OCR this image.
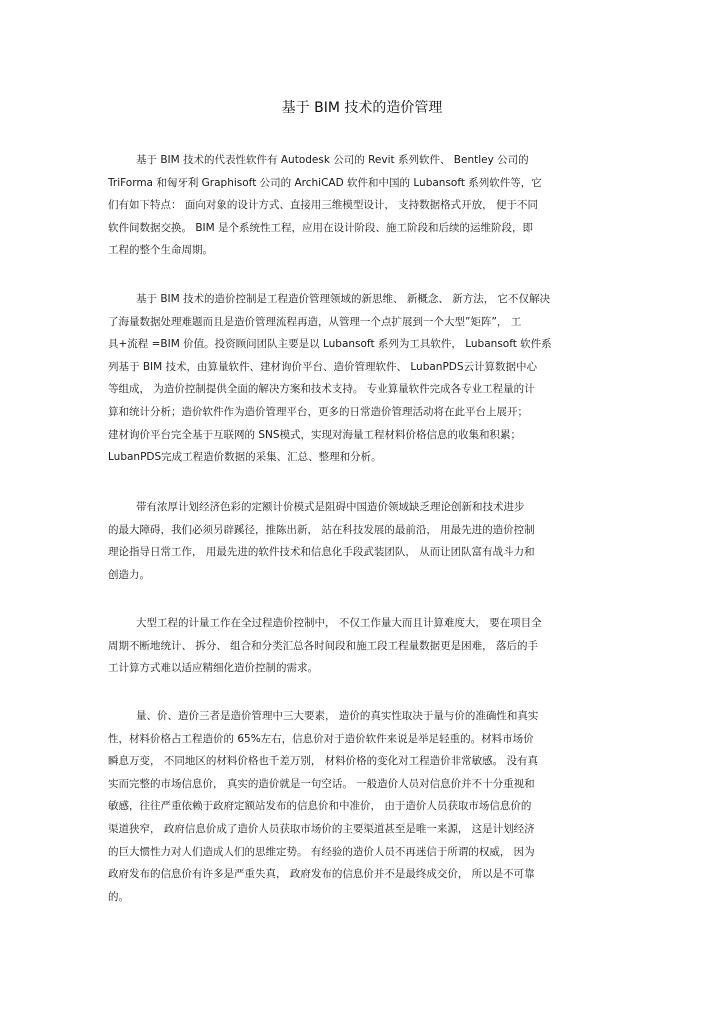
基于 BIM 技术的造价管理
基于 BIM 技术的代表性软件有 Autodesk 公司的 Revit 系列软件、 Bentley 公司的
TriForma 和匈牙利 Graphisoft 公司的 ArchiCAD 软件和中国的 Lubansoft 系列软件等，它
们有如下特点： 面向对象的设计方式、直接用三维模型设计， 支持数据格式开放， 便于不同
软件间数据交换。 BIM 是个系统性工程，应用在设计阶段、施工阶段和后续的运维阶段，即
工程的整个生命周期。
基于 BIM 技术的造价控制是工程造价管理领域的新思维、 新概念、 新方法， 它不仅解决
了海量数据处理难题而且是造价管理流程再造，从管理一个点扩展到一个大型”矩阵”， 工
具+流程 =BIM 价值。投资顾问团队主要是以 Lubansoft 系列为工具软件， Lubansoft 软件系
列基于 BIM 技术，由算量软件、建材询价平台、造价管理软件、 LubanPDS云计算数据中心
等组成， 为造价控制提供全面的解决方案和技术支持。 专业算量软件完成各专业工程量的计
算和统计分析；造价软件作为造价管理平台，更多的日常造价管理活动将在此平台上展开；
建材询价平台完全基于互联网的 SNS模式，实现对海量工程材料价格信息的收集和积累；
LubanPDS完成工程造价数据的采集、汇总、整理和分析。
带有浓厚计划经济色彩的定额计价模式是阻碍中国造价领域缺乏理论创新和技术进步
的最大障碍，我们必须另辟蹊径，推陈出新， 站在科技发展的最前沿， 用最先进的造价控制
理论指导日常工作， 用最先进的软件技术和信息化手段武装团队， 从而让团队富有战斗力和
创造力。
大型工程的计量工作在全过程造价控制中， 不仅工作量大而且计算难度大， 要在项目全
周期不断地统计、 拆分、 组合和分类汇总各时间段和施工段工程量数据更是困难， 落后的手
工计算方式难以适应精细化造价控制的需求。
量、价、造价三者是造价管理中三大要素， 造价的真实性取决于量与价的准确性和真实
性，材料价格占工程造价的 65%左右，信息价对于造价软件来说是举足轻重的。材料市场价
瞬息万变， 不同地区的材料价格也千差万别， 材料价格的变化对工程造价非常敏感。 没有真
实而完整的市场信息价， 真实的造价就是一句空话。 一般造价人员对信息价并不十分重视和
敏感，往往严重依赖于政府定额站发布的信息价和中准价， 由于造价人员获取市场信息价的
渠道狭窄， 政府信息价成了造价人员获取市场价的主要渠道甚至是唯一来源， 这是计划经济
的巨大惯性力对人们造成人们的思维定势。 有经验的造价人员不再迷信于所谓的权威， 因为
政府发布的信息价有许多是严重失真， 政府发布的信息价并不是最终成交价， 所以是不可靠
的。
